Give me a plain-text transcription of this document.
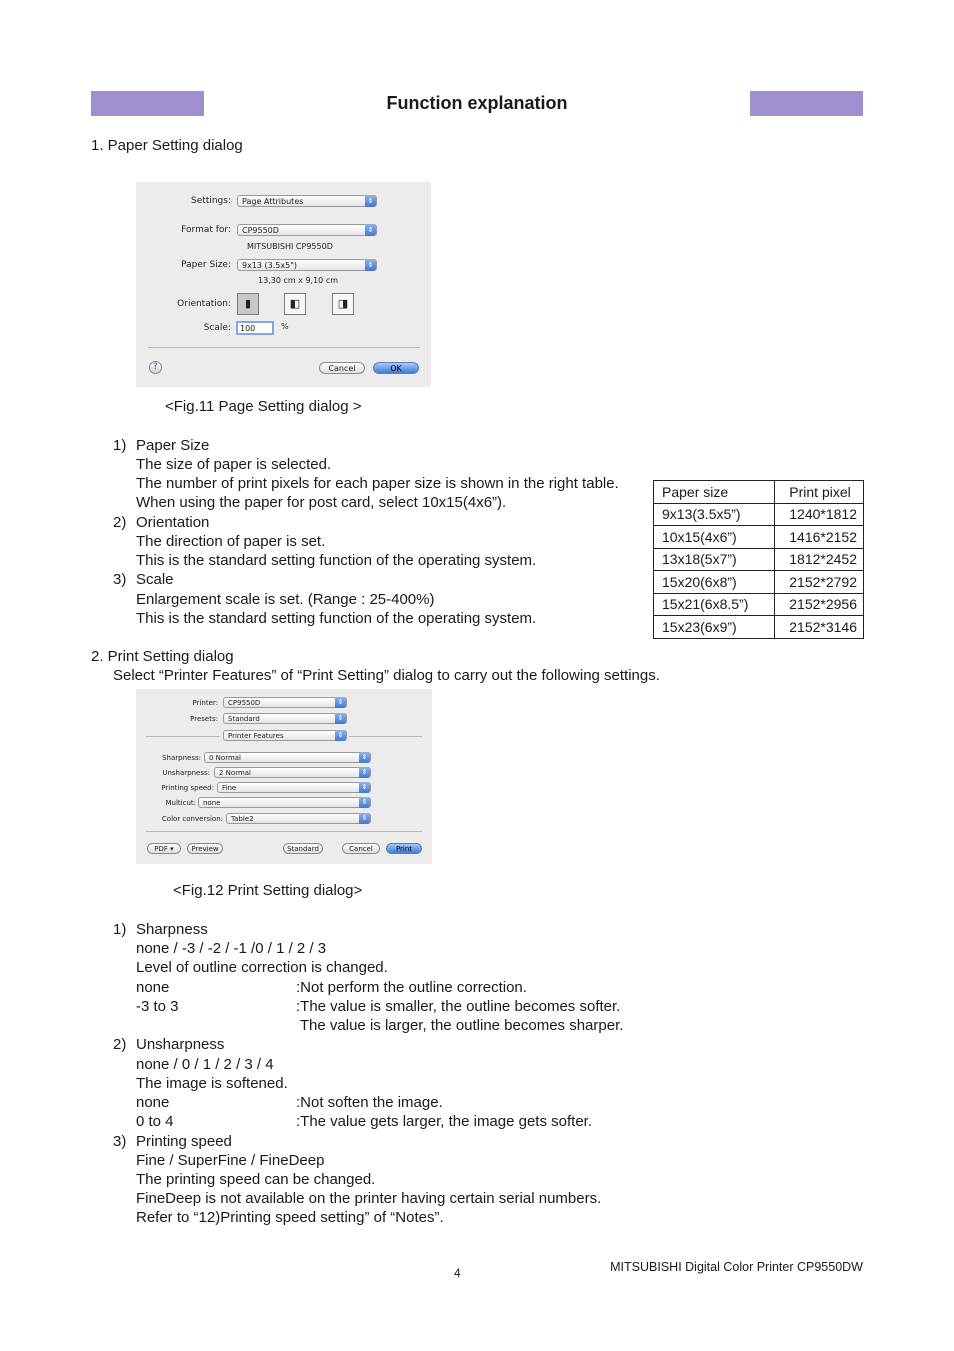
Function explanation
1. Paper Setting dialog
Settings:	Page Attributes	⇕
Format for:	CP9550D	⇕
MITSUBISHI CP9550D
Paper Size:	9x13 (3.5x5")	⇕
13,30 cm x 9,10 cm
Orientation:	▮	◧	◨
Scale:	100	%
?	Cancel	OK
<Fig.11 Page Setting dialog >
1) Paper Size
The size of paper is selected.
The number of print pixels for each paper size is shown in the right table.
When using the paper for post card, select 10x15(4x6”).
2) Orientation
The direction of paper is set.
This is the standard setting function of the operating system.
3) Scale
Enlargement scale is set. (Range : 25-400%)
This is the standard setting function of the operating system.
Paper size	Print pixel
9x13(3.5x5”)	1240*1812
10x15(4x6”)	1416*2152
13x18(5x7”)	1812*2452
15x20(6x8”)	2152*2792
15x21(6x8.5”)	2152*2956
15x23(6x9”)	2152*3146
2. Print Setting dialog
Select “Printer Features” of “Print Setting” dialog to carry out the following settings.
Printer:	CP9550D	⇕
Presets:	Standard	⇕
Printer Features	⇕
Sharpness:	0 Normal	⇕
Unsharpness:	2 Normal	⇕
Printing speed:	Fine	⇕
Multicut:	none	⇕
Color conversion:	Table2	⇕
PDF ▾	Preview	Standard	Cancel	Print
<Fig.12 Print Setting dialog>
1) Sharpness
none / -3 / -2 / -1 /0 / 1 / 2 / 3
Level of outline correction is changed.
none	:Not perform the outline correction.
-3 to 3	:The value is smaller, the outline becomes softer.
The value is larger, the outline becomes sharper.
2) Unsharpness
none / 0 / 1 / 2 / 3 / 4
The image is softened.
none	:Not soften the image.
0 to 4	:The value gets larger, the image gets softer.
3) Printing speed
Fine / SuperFine / FineDeep
The printing speed can be changed.
FineDeep is not available on the printer having certain serial numbers.
Refer to “12)Printing speed setting” of “Notes”.
4	MITSUBISHI Digital Color Printer CP9550DW
